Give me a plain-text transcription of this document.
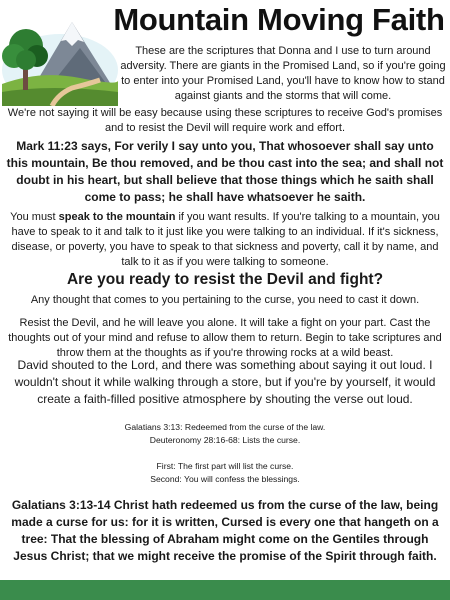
Mountain Moving Faith
These are the scriptures that Donna and I use to turn around adversity. There are giants in the Promised Land, so if you're going to enter into your Promised Land, you'll have to know how to stand against giants and the storms that will come.
We're not saying it will be easy because using these scriptures to receive God's promises and to resist the Devil will require work and effort.
Mark 11:23 says, For verily I say unto you, That whosoever shall say unto this mountain, Be thou removed, and be thou cast into the sea; and shall not doubt in his heart, but shall believe that those things which he saith shall come to pass; he shall have whatsoever he saith.
You must speak to the mountain if you want results. If you're talking to a mountain, you have to speak to it and talk to it just like you were talking to an individual. If it's sickness, disease, or poverty, you have to speak to that sickness and poverty, call it by name, and talk to it as if you were talking to someone.
Are you ready to resist the Devil and fight?
Any thought that comes to you pertaining to the curse, you need to cast it down.
Resist the Devil, and he will leave you alone. It will take a fight on your part. Cast the thoughts out of your mind and refuse to allow them to return. Begin to take scriptures and throw them at the thoughts as if you're throwing rocks at a wild beast.
David shouted to the Lord, and there was something about saying it out loud. I wouldn't shout it while walking through a store, but if you're by yourself, it would create a faith-filled positive atmosphere by shouting the verse out loud.
Galatians 3:13: Redeemed from the curse of the law.
Deuteronomy 28:16-68: Lists the curse.
First: The first part will list the curse.
Second: You will confess the blessings.
Galatians 3:13-14 Christ hath redeemed us from the curse of the law, being made a curse for us: for it is written, Cursed is every one that hangeth on a tree: That the blessing of Abraham might come on the Gentiles through Jesus Christ; that we might receive the promise of the Spirit through faith.
